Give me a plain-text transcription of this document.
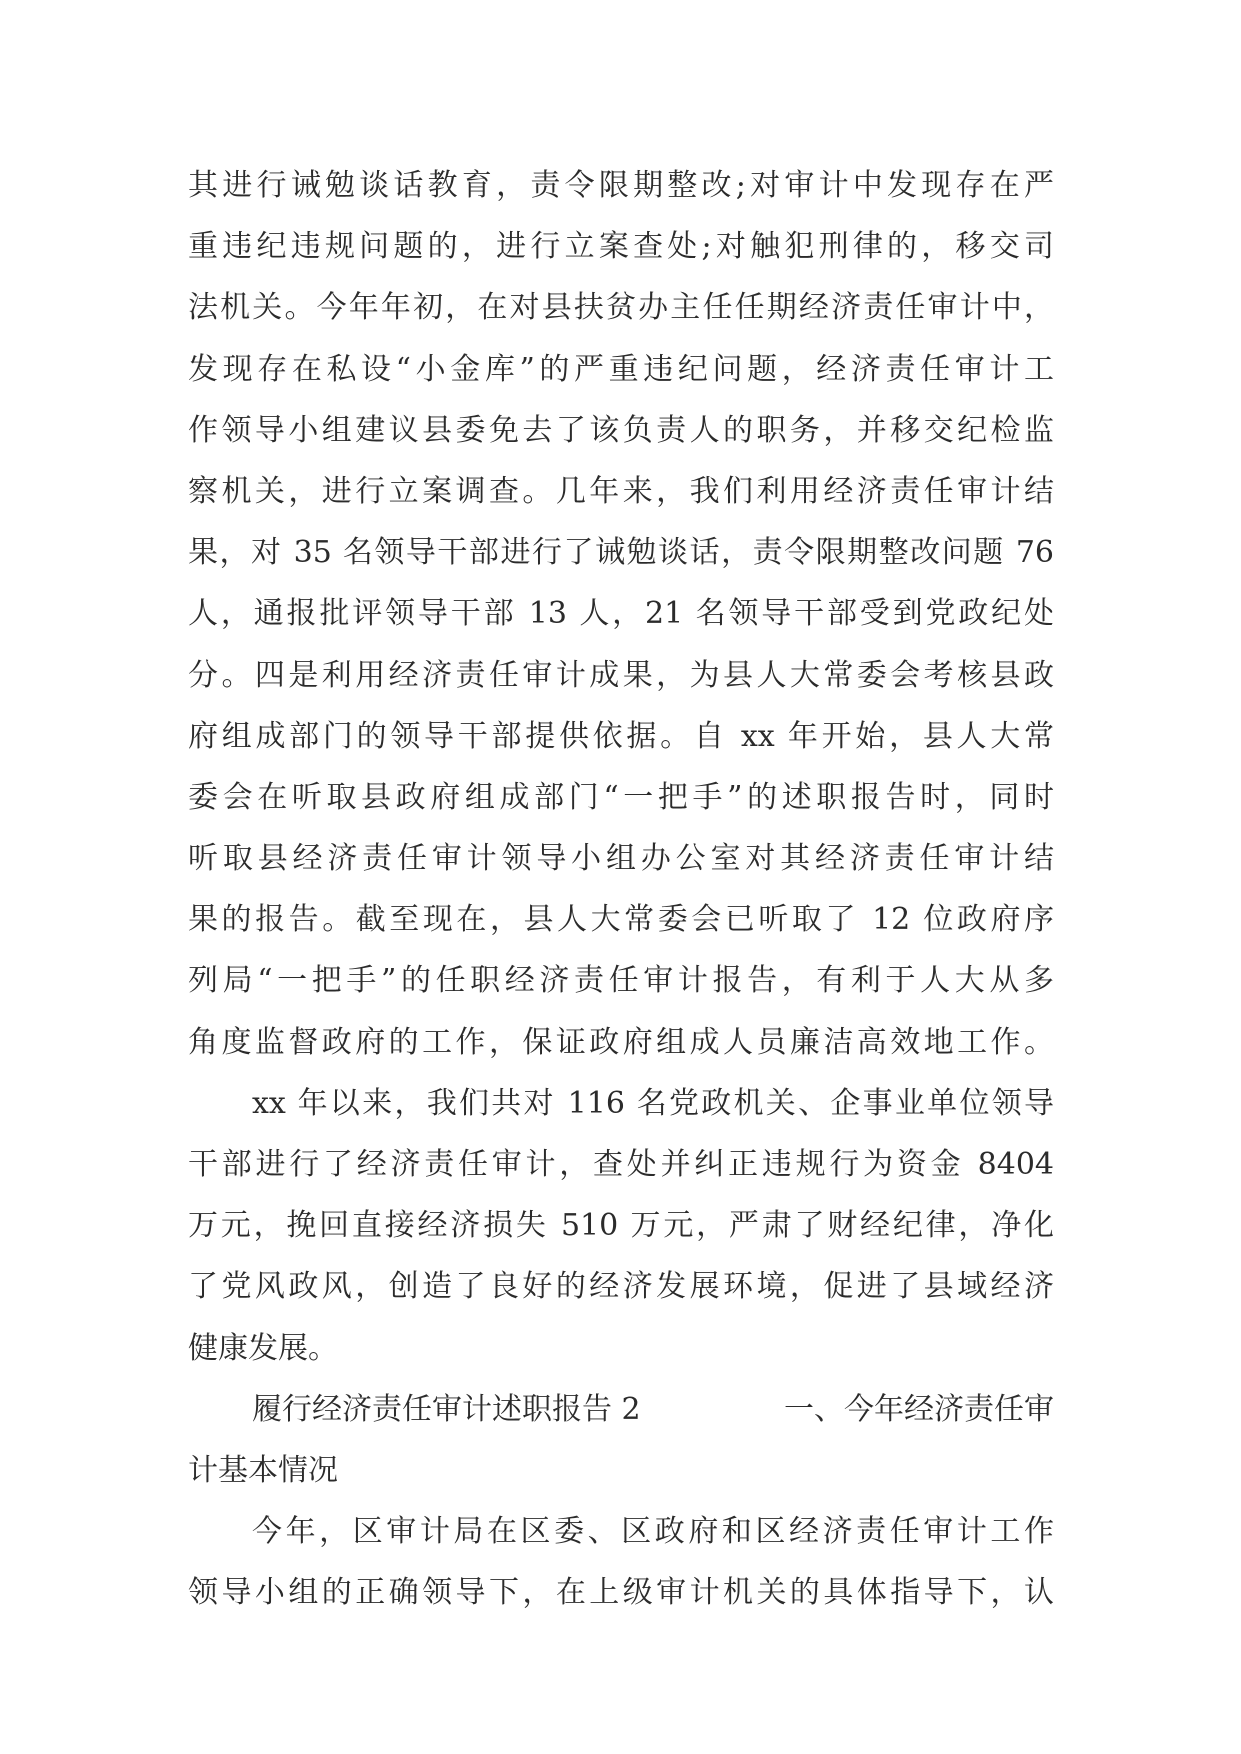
其进行诫勉谈话教育，责令限期整改;对审计中发现存在严
重违纪违规问题的，进行立案查处;对触犯刑律的，移交司
法机关。今年年初，在对县扶贫办主任任期经济责任审计中，
发现存在私设“小金库”的严重违纪问题，经济责任审计工
作领导小组建议县委免去了该负责人的职务，并移交纪检监
察机关，进行立案调查。几年来，我们利用经济责任审计结
果，对 35 名领导干部进行了诫勉谈话，责令限期整改问题 76
人，通报批评领导干部 13 人，21 名领导干部受到党政纪处
分。四是利用经济责任审计成果，为县人大常委会考核县政
府组成部门的领导干部提供依据。自 xx 年开始，县人大常
委会在听取县政府组成部门“一把手”的述职报告时，同时
听取县经济责任审计领导小组办公室对其经济责任审计结
果的报告。截至现在，县人大常委会已听取了 12 位政府序
列局“一把手”的任职经济责任审计报告，有利于人大从多
角度监督政府的工作，保证政府组成人员廉洁高效地工作。
xx 年以来，我们共对 116 名党政机关、企事业单位领导
干部进行了经济责任审计，查处并纠正违规行为资金 8404
万元，挽回直接经济损失 510 万元，严肃了财经纪律，净化
了党风政风，创造了良好的经济发展环境，促进了县域经济
健康发展。
履行经济责任审计述职报告 2	一、今年经济责任审
计基本情况
今年，区审计局在区委、区政府和区经济责任审计工作
领导小组的正确领导下，在上级审计机关的具体指导下，认
